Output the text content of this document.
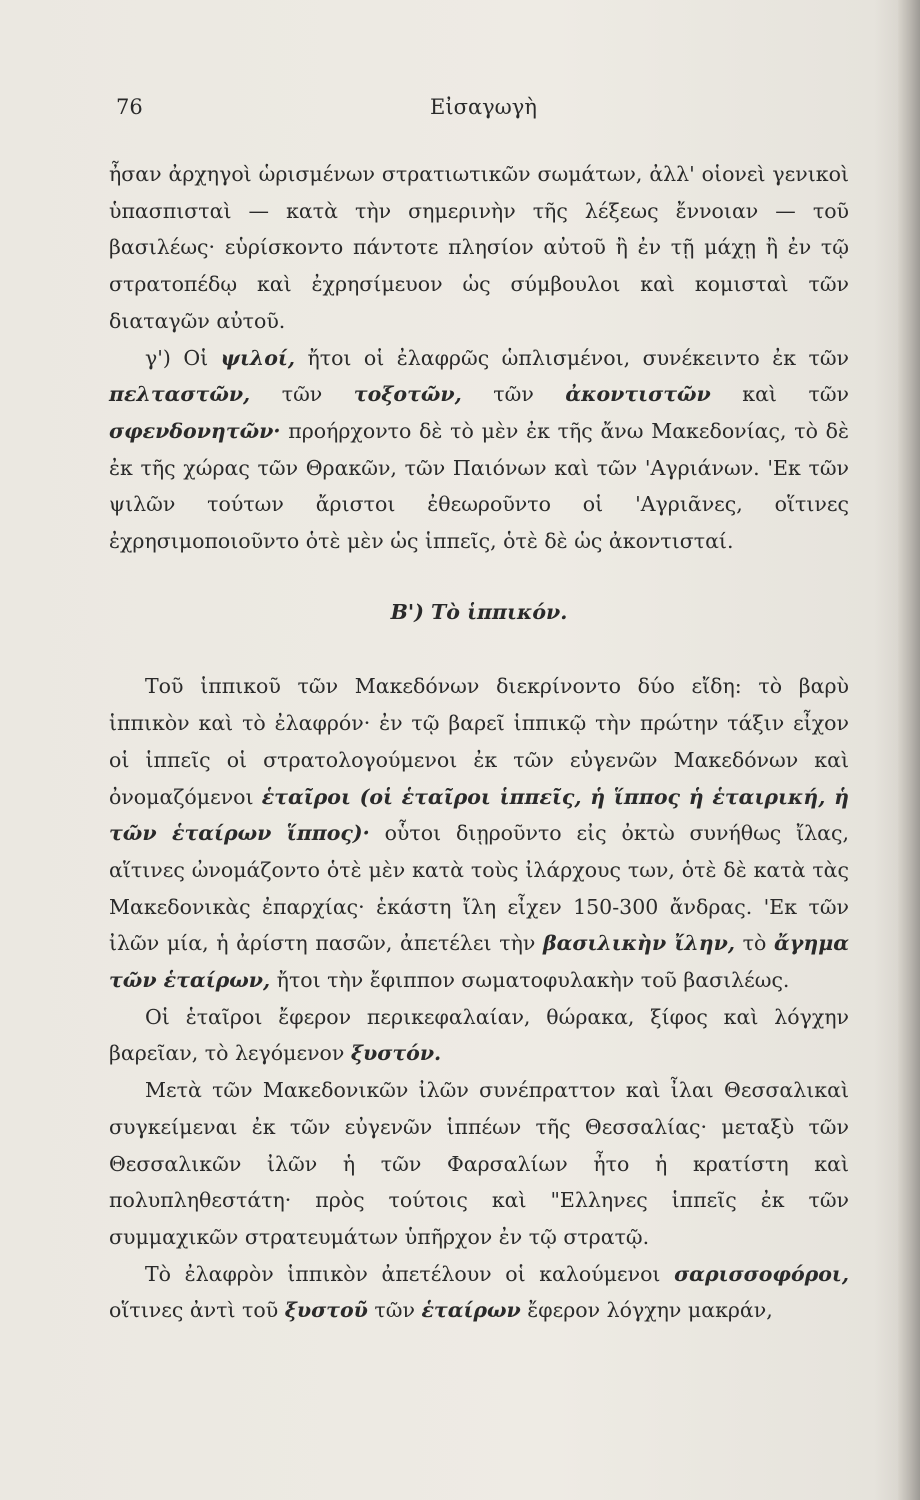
Εἰσαγωγὴ
76

ἦσαν ἀρχηγοὶ ὡρισμένων στρατιωτικῶν σωμάτων, ἀλλ' οἱονεὶ γενικοὶ ὑπασπισταὶ — κατὰ τὴν σημερινὴν τῆς λέξεως ἔννοιαν — τοῦ βασιλέως· εὑρίσκοντο πάντοτε πλησίον αὐτοῦ ἢ ἐν τῇ μάχῃ ἢ ἐν τῷ στρατοπέδῳ καὶ ἐχρησίμευον ὡς σύμβουλοι καὶ κομισταὶ τῶν διαταγῶν αὐτοῦ.

γ') Οἱ ψιλοί, ἤτοι οἱ ἐλαφρῶς ὡπλισμένοι, συνέκειντο ἐκ τῶν πελταστῶν, τῶν τοξοτῶν, τῶν ἀκοντιστῶν καὶ τῶν σφενδονητῶν· προήρχοντο δὲ τὸ μὲν ἐκ τῆς ἄνω Μακεδονίας, τὸ δὲ ἐκ τῆς χώρας τῶν Θρακῶν, τῶν Παιόνων καὶ τῶν 'Αγριάνων. 'Εκ τῶν ψιλῶν τούτων ἄριστοι ἐθεωροῦντο οἱ 'Αγριᾶνες, οἵτινες ἐχρησιμοποιοῦντο ὁτὲ μὲν ὡς ἱππεῖς, ὁτὲ δὲ ὡς ἀκοντισταί.

Β') Τὸ ἱππικόν.

Τοῦ ἱππικοῦ τῶν Μακεδόνων διεκρίνοντο δύο εἴδη: τὸ βαρὺ ἱππικὸν καὶ τὸ ἐλαφρόν· ἐν τῷ βαρεῖ ἱππικῷ τὴν πρώτην τάξιν εἶχον οἱ ἱππεῖς οἱ στρατολογούμενοι ἐκ τῶν εὐγενῶν Μακεδόνων καὶ ὀνομαζόμενοι ἑταῖροι (οἱ ἑταῖροι ἱππεῖς, ἡ ἵππος ἡ ἑταιρική, ἡ τῶν ἑταίρων ἵππος)· οὗτοι διῃροῦντο εἰς ὀκτὼ συνήθως ἴλας, αἵτινες ὠνομάζοντο ὁτὲ μὲν κατὰ τοὺς ἰλάρχους των, ὁτὲ δὲ κατὰ τὰς Μακεδονικὰς ἐπαρχίας· ἑκάστη ἴλη εἶχεν 150-300 ἄνδρας. 'Εκ τῶν ἰλῶν μία, ἡ ἀρίστη πασῶν, ἀπετέλει τὴν βασιλικὴν ἴλην, τὸ ἄγημα τῶν ἑταίρων, ἤτοι τὴν ἔφιππον σωματοφυλακὴν τοῦ βασιλέως.

Οἱ ἑταῖροι ἔφερον περικεφαλαίαν, θώρακα, ξίφος καὶ λόγχην βαρεῖαν, τὸ λεγόμενον ξυστόν.

Μετὰ τῶν Μακεδονικῶν ἰλῶν συνέπραττον καὶ ἶλαι Θεσσαλικαὶ συγκείμεναι ἐκ τῶν εὐγενῶν ἱππέων τῆς Θεσσαλίας· μεταξὺ τῶν Θεσσαλικῶν ἰλῶν ἡ τῶν Φαρσαλίων ἦτο ἡ κρατίστη καὶ πολυπληθεστάτη· πρὸς τούτοις καὶ "Ελληνες ἱππεῖς ἐκ τῶν συμμαχικῶν στρατευμάτων ὑπῆρχον ἐν τῷ στρατῷ.

Τὸ ἐλαφρὸν ἱππικὸν ἀπετέλουν οἱ καλούμενοι σαρισσοφόροι, οἵτινες ἀντὶ τοῦ ξυστοῦ τῶν ἑταίρων ἔφερον λόγχην μακράν,
